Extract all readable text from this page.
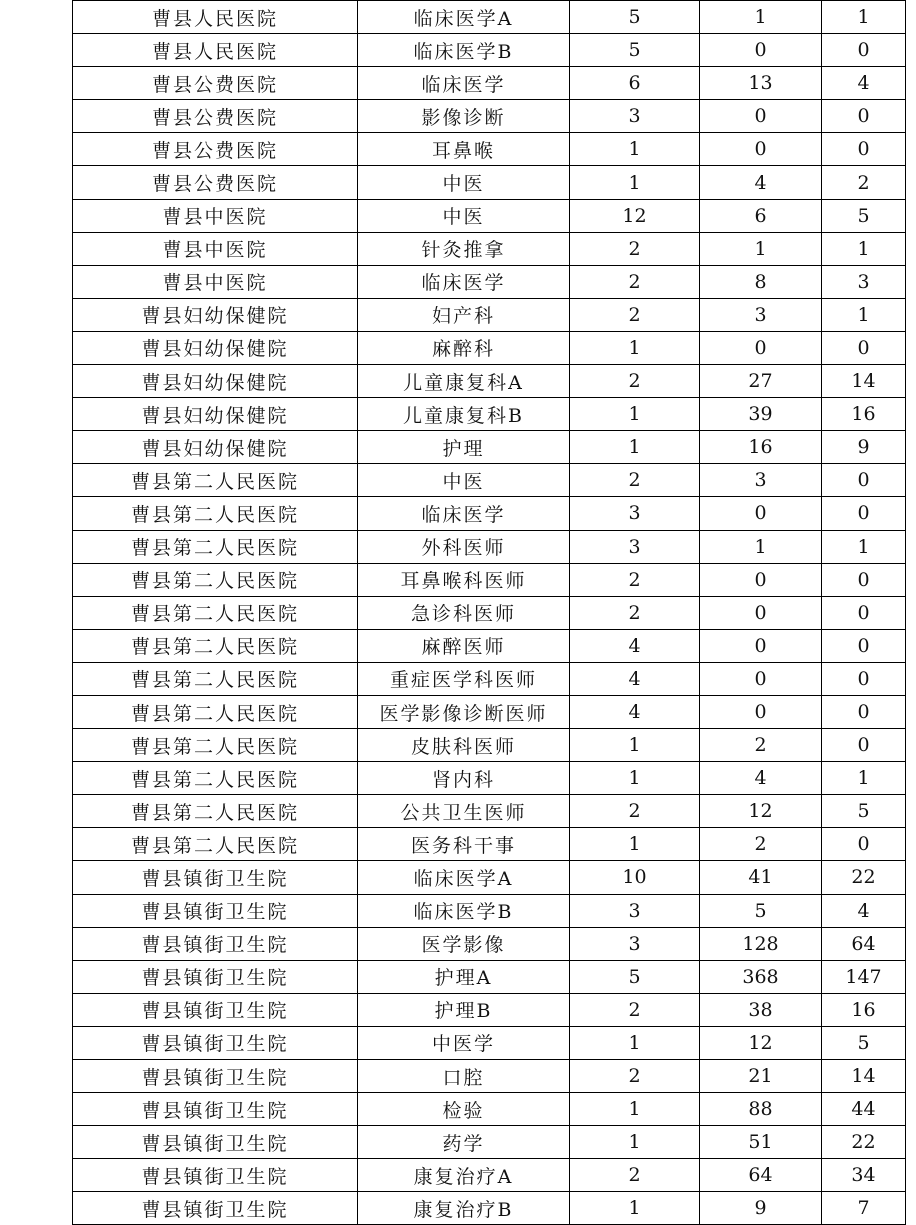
曹县人民医院	临床医学A	5	1	1
曹县人民医院	临床医学B	5	0	0
曹县公费医院	临床医学	6	13	4
曹县公费医院	影像诊断	3	0	0
曹县公费医院	耳鼻喉	1	0	0
曹县公费医院	中医	1	4	2
曹县中医院	中医	12	6	5
曹县中医院	针灸推拿	2	1	1
曹县中医院	临床医学	2	8	3
曹县妇幼保健院	妇产科	2	3	1
曹县妇幼保健院	麻醉科	1	0	0
曹县妇幼保健院	儿童康复科A	2	27	14
曹县妇幼保健院	儿童康复科B	1	39	16
曹县妇幼保健院	护理	1	16	9
曹县第二人民医院	中医	2	3	0
曹县第二人民医院	临床医学	3	0	0
曹县第二人民医院	外科医师	3	1	1
曹县第二人民医院	耳鼻喉科医师	2	0	0
曹县第二人民医院	急诊科医师	2	0	0
曹县第二人民医院	麻醉医师	4	0	0
曹县第二人民医院	重症医学科医师	4	0	0
曹县第二人民医院	医学影像诊断医师	4	0	0
曹县第二人民医院	皮肤科医师	1	2	0
曹县第二人民医院	肾内科	1	4	1
曹县第二人民医院	公共卫生医师	2	12	5
曹县第二人民医院	医务科干事	1	2	0
曹县镇街卫生院	临床医学A	10	41	22
曹县镇街卫生院	临床医学B	3	5	4
曹县镇街卫生院	医学影像	3	128	64
曹县镇街卫生院	护理A	5	368	147
曹县镇街卫生院	护理B	2	38	16
曹县镇街卫生院	中医学	1	12	5
曹县镇街卫生院	口腔	2	21	14
曹县镇街卫生院	检验	1	88	44
曹县镇街卫生院	药学	1	51	22
曹县镇街卫生院	康复治疗A	2	64	34
曹县镇街卫生院	康复治疗B	1	9	7
